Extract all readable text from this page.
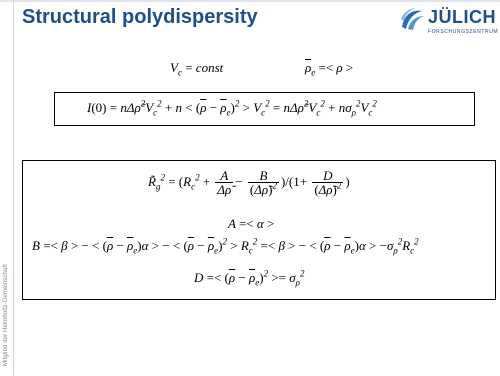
Mitglied der Helmholtz-Gemeinschaft
Structural polydispersity	JÜLICH
FORSCHUNGSZENTRUM
$V_c$ = const	$\overline{\rho}_e =< \rho$ >
$I(0) = n\Delta\rhõ^2V_c^2 + n < (\overline{\rho} - \overline{\rho}_e)^2 > V_c^2$ = $n\Delta\rhõ^2V_c^2 + n\sigma_\rho^2V_c^2$
$R̃_g^2 = (R_c^2 + \frac{A}{\Delta\rhõ} - \frac{B}{(\Delta\rhõ)^2} )/(1+ \frac{D}{(\Delta\rhõ)^2}$ )
A =< α >
B =< β > − < $(\overline{\rho} - \overline{\rho}_e)\alpha$ > − < $(\overline{\rho} - \overline{\rho}_e)^2 > R_c^2 =< \beta$ > − < $(\overline{\rho} - \overline{\rho}_e)\alpha > -\sigma_\rho^2R_c^2$
$D =< (\overline{\rho} - \overline{\rho}_e)^2 >= \sigma_\rho^2$
